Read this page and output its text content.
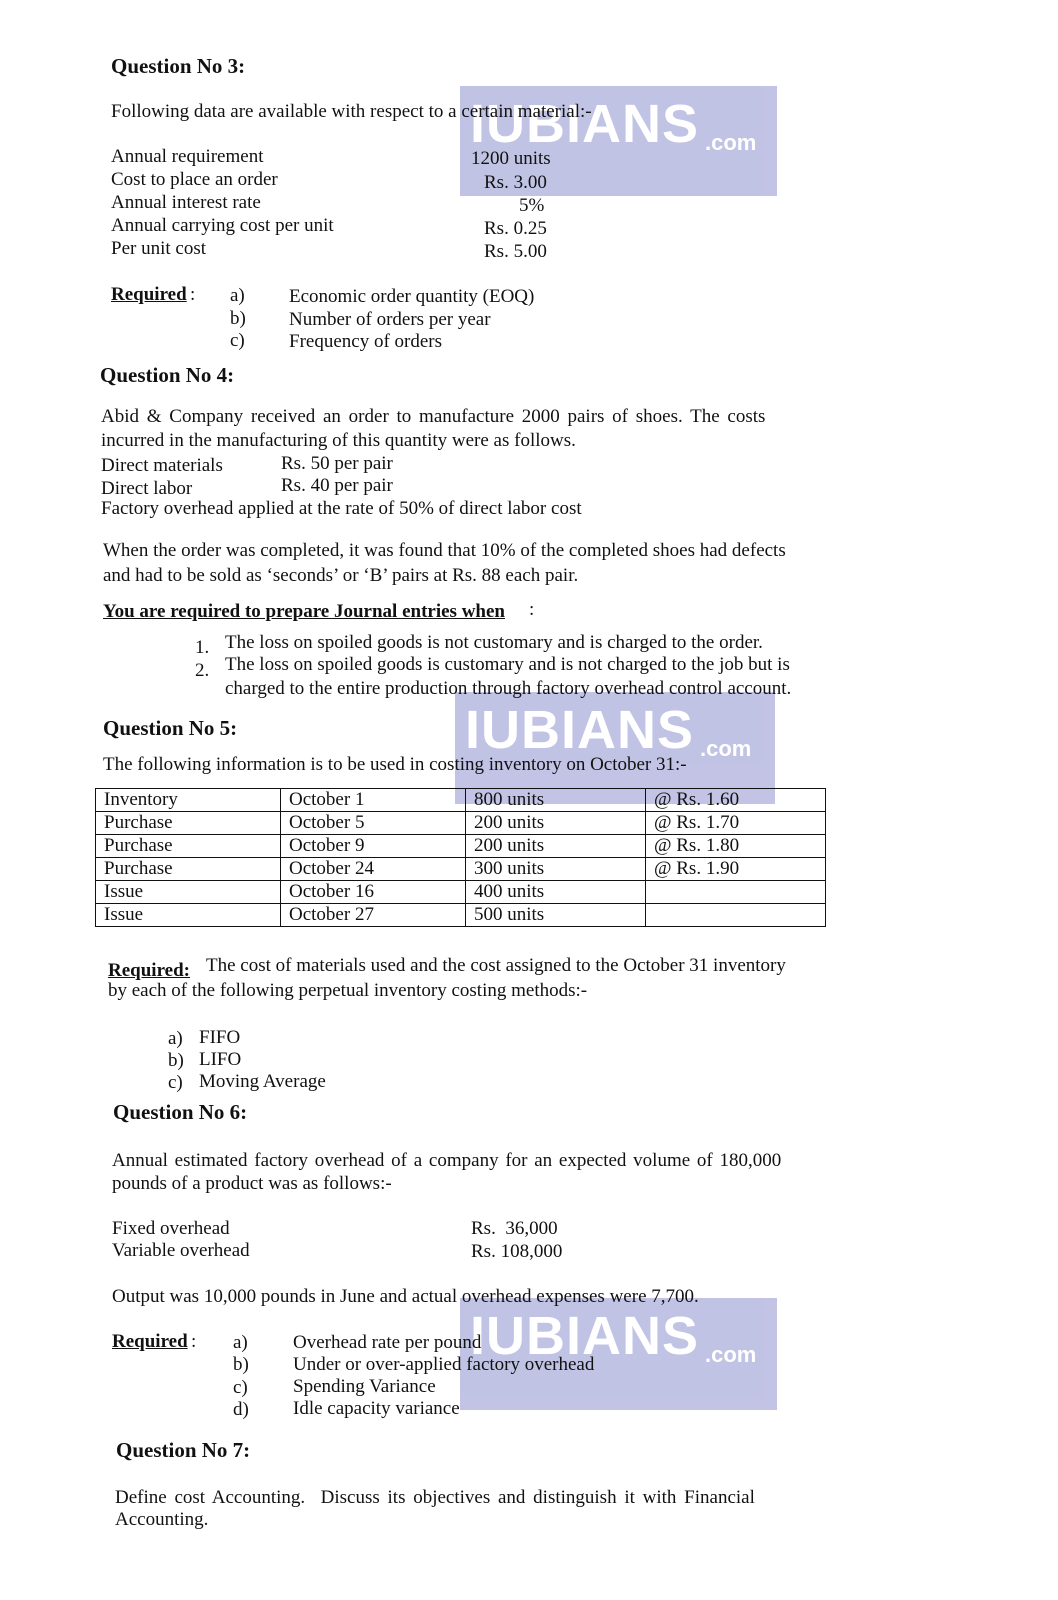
IUBIANS .com
IUBIANS .com
IUBIANS .com
Question No 3:
Following data are available with respect to a certain material:-
Annual requirement	1200 units
Cost to place an order	Rs. 3.00
Annual interest rate	5%
Annual carrying cost per unit	Rs. 0.25
Per unit cost	Rs. 5.00
Required : a) Economic order quantity (EOQ)
b) Number of orders per year
c) Frequency of orders
Question No 4:
Abid & Company received an order to manufacture 2000 pairs of shoes. The costs
incurred in the manufacturing of this quantity were as follows.
Direct materials	Rs. 50 per pair
Direct labor	Rs. 40 per pair
Factory overhead applied at the rate of 50% of direct labor cost
When the order was completed, it was found that 10% of the completed shoes had defects
and had to be sold as ‘seconds’ or ‘B’ pairs at Rs. 88 each pair.
You are required to prepare Journal entries when :
1. The loss on spoiled goods is not customary and is charged to the order.
2. The loss on spoiled goods is customary and is not charged to the job but is
charged to the entire production through factory overhead control account.
Question No 5:
The following information is to be used in costing inventory on October 31:-
Inventory	October 1	800 units	@ Rs. 1.60
Purchase	October 5	200 units	@ Rs. 1.70
Purchase	October 9	200 units	@ Rs. 1.80
Purchase	October 24	300 units	@ Rs. 1.90
Issue	October 16	400 units	
Issue	October 27	500 units	
Required: The cost of materials used and the cost assigned to the October 31 inventory
by each of the following perpetual inventory costing methods:-
a) FIFO
b) LIFO
c) Moving Average
Question No 6:
Annual estimated factory overhead of a company for an expected volume of 180,000
pounds of a product was as follows:-
Fixed overhead	Rs.  36,000
Variable overhead	Rs. 108,000
Output was 10,000 pounds in June and actual overhead expenses were 7,700.
Required : a) Overhead rate per pound
b) Under or over-applied factory overhead
c) Spending Variance
d) Idle capacity variance
Question No 7:
Define cost Accounting.  Discuss its objectives and distinguish it with Financial
Accounting.
